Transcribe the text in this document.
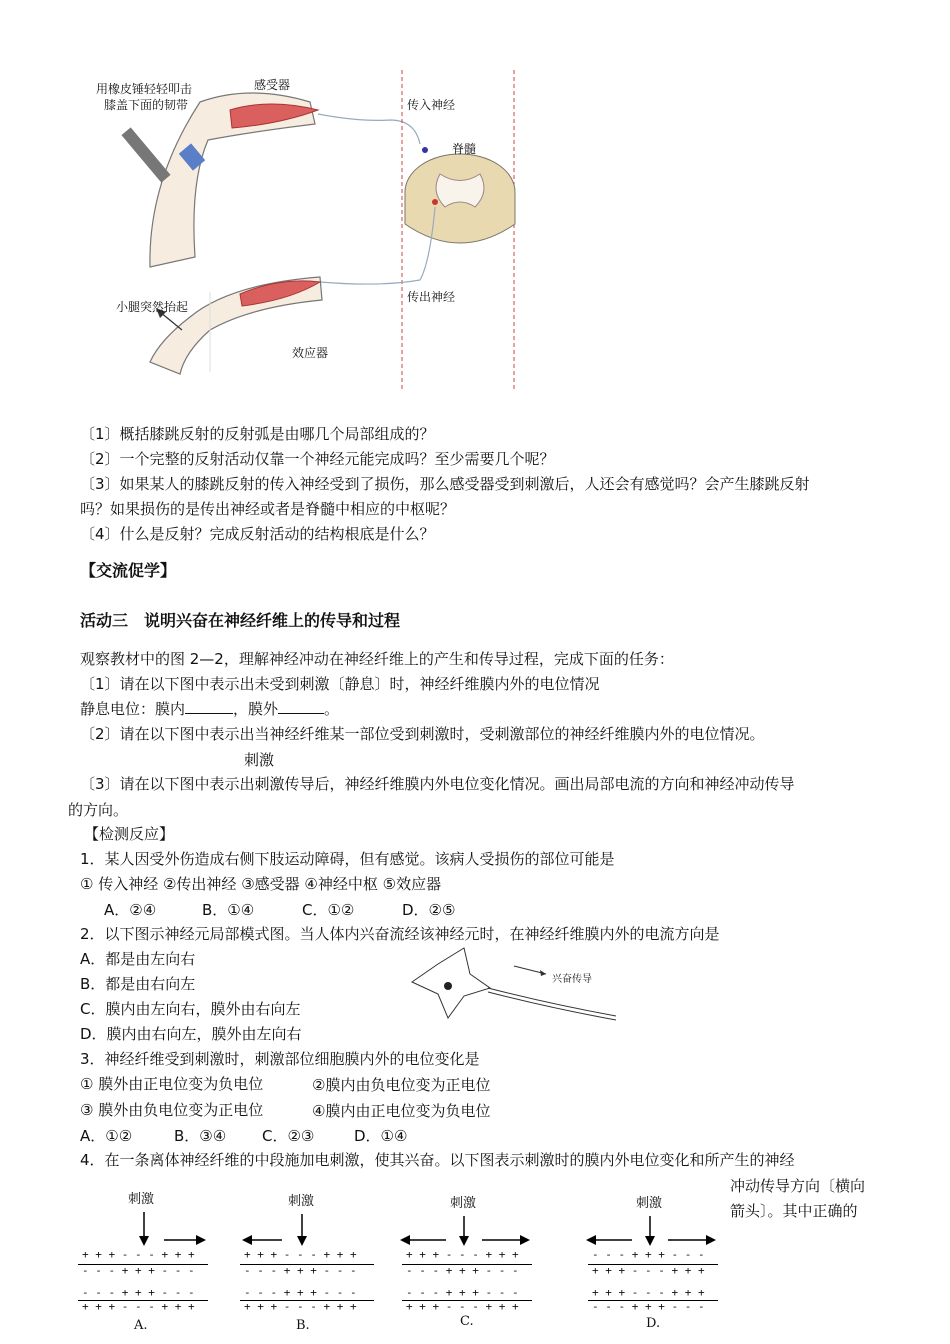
用橡皮锤轻轻叩击
膝盖下面的韧带
感受器
传入神经
脊髓
传出神经
小腿突然抬起
效应器
〔1〕概括膝跳反射的反射弧是由哪几个局部组成的？
〔2〕一个完整的反射活动仅靠一个神经元能完成吗？至少需要几个呢？
〔3〕如果某人的膝跳反射的传入神经受到了损伤，那么感受器受到刺激后，人还会有感觉吗？会产生膝跳反射
吗？如果损伤的是传出神经或者是脊髓中相应的中枢呢？
〔4〕什么是反射？完成反射活动的结构根底是什么？
【交流促学】
活动三　说明兴奋在神经纤维上的传导和过程
观察教材中的图 2—2，理解神经冲动在神经纤维上的产生和传导过程，完成下面的任务：
〔1〕请在以下图中表示出未受到刺激〔静息〕时，神经纤维膜内外的电位情况
静息电位：膜内	，膜外	。
〔2〕请在以下图中表示出当神经纤维某一部位受到刺激时，受刺激部位的神经纤维膜内外的电位情况。
刺激
〔3〕请在以下图中表示出刺激传导后，神经纤维膜内外电位变化情况。画出局部电流的方向和神经冲动传导
的方向。
【检测反应】
1．某人因受外伤造成右侧下肢运动障碍，但有感觉。该病人受损伤的部位可能是
① 传入神经 ②传出神经 ③感受器 ④神经中枢 ⑤效应器
A．②④	B．①④	C．①②	D．②⑤
2．以下图示神经元局部模式图。当人体内兴奋流经该神经元时，在神经纤维膜内外的电流方向是
A．都是由左向右
B．都是由右向左
C．膜内由左向右，膜外由右向左
D．膜内由右向左，膜外由左向右
兴奋传导
3．神经纤维受到刺激时，刺激部位细胞膜内外的电位变化是
① 膜外由正电位变为负电位	②膜内由负电位变为正电位
③ 膜外由负电位变为正电位	④膜内由正电位变为负电位
A．①②	B．③④ C．②③	D．①④
4．在一条离体神经纤维的中段施加电刺激，使其兴奋。以下图表示刺激时的膜内外电位变化和所产生的神经
冲动传导方向〔横向
箭头〕。其中正确的
刺激
+ + + - - - + + +
- - - + + + - - -
- - - + + + - - -
+ + + - - - + + +
A.
刺激
+ + + - - - + + +
- - - + + + - - -
- - - + + + - - -
+ + + - - - + + +
B.
刺激
+ + + - - - + + +
- - - + + + - - -
- - - + + + - - -
+ + + - - - + + +
C.
刺激
- - - + + + - - -
+ + + - - - + + +
+ + + - - - + + +
- - - + + + - - -
D.
